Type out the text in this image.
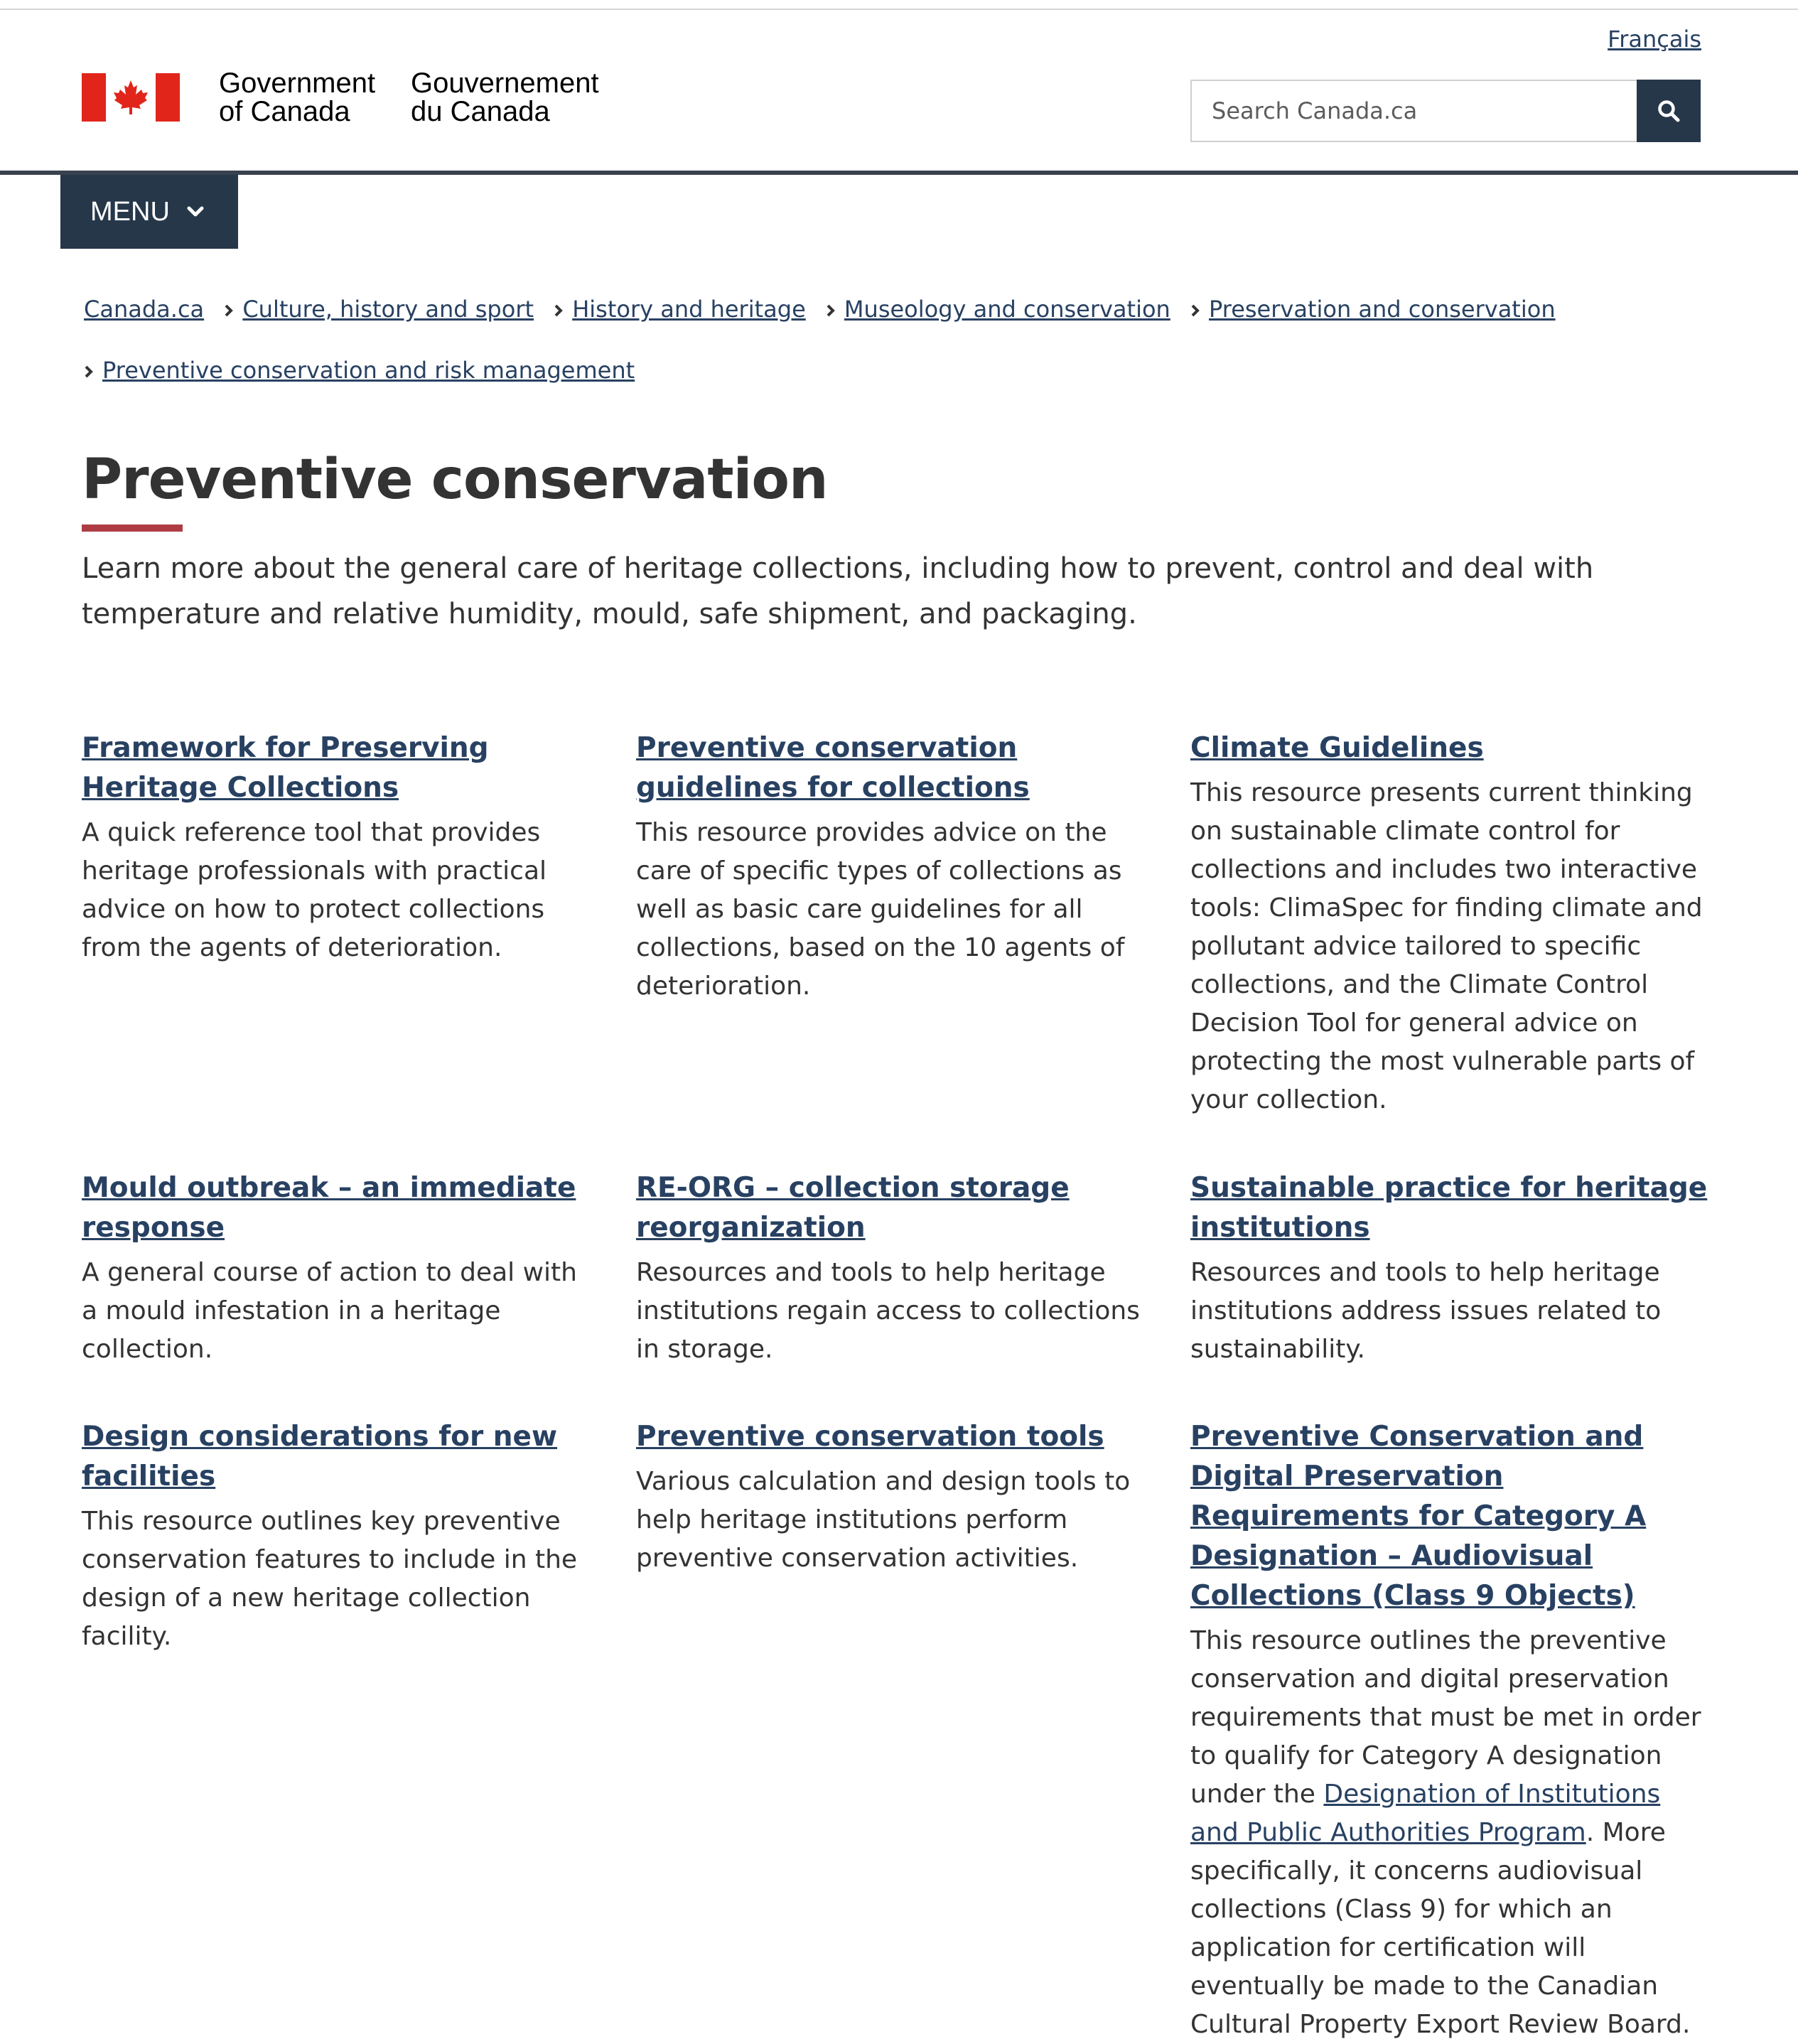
Français
Government
of Canada
Gouvernement
du Canada
Search Canada.ca
MENU
Canada.ca Culture, history and sport History and heritage Museology and conservation Preservation and conservation Preventive conservation and risk management
Preventive conservation

Learn more about the general care of heritage collections, including how to prevent, control and deal with temperature and relative humidity, mould, safe shipment, and packaging.

Framework for Preserving Heritage Collections

A quick reference tool that provides heritage professionals with practical advice on how to protect collections from the agents of deterioration.

Preventive conservation guidelines for collections

This resource provides advice on the care of specific types of collections as well as basic care guidelines for all collections, based on the 10 agents of deterioration.

Climate Guidelines

This resource presents current thinking on sustainable climate control for collections and includes two interactive tools: ClimaSpec for finding climate and pollutant advice tailored to specific collections, and the Climate Control Decision Tool for general advice on protecting the most vulnerable parts of your collection.

Mould outbreak – an immediate response

A general course of action to deal with a mould infestation in a heritage collection.

RE-ORG – collection storage reorganization

Resources and tools to help heritage institutions regain access to collections in storage.

Sustainable practice for heritage institutions

Resources and tools to help heritage institutions address issues related to sustainability.

Design considerations for new facilities

This resource outlines key preventive conservation features to include in the design of a new heritage collection facility.

Preventive conservation tools

Various calculation and design tools to help heritage institutions perform preventive conservation activities.

Preventive Conservation and Digital Preservation Requirements for Category A Designation – Audiovisual Collections (Class 9 Objects)

This resource outlines the preventive conservation and digital preservation requirements that must be met in order to qualify for Category A designation under the Designation of Institutions and Public Authorities Program. More specifically, it concerns audiovisual collections (Class 9) for which an application for certification will eventually be made to the Canadian Cultural Property Export Review Board.
